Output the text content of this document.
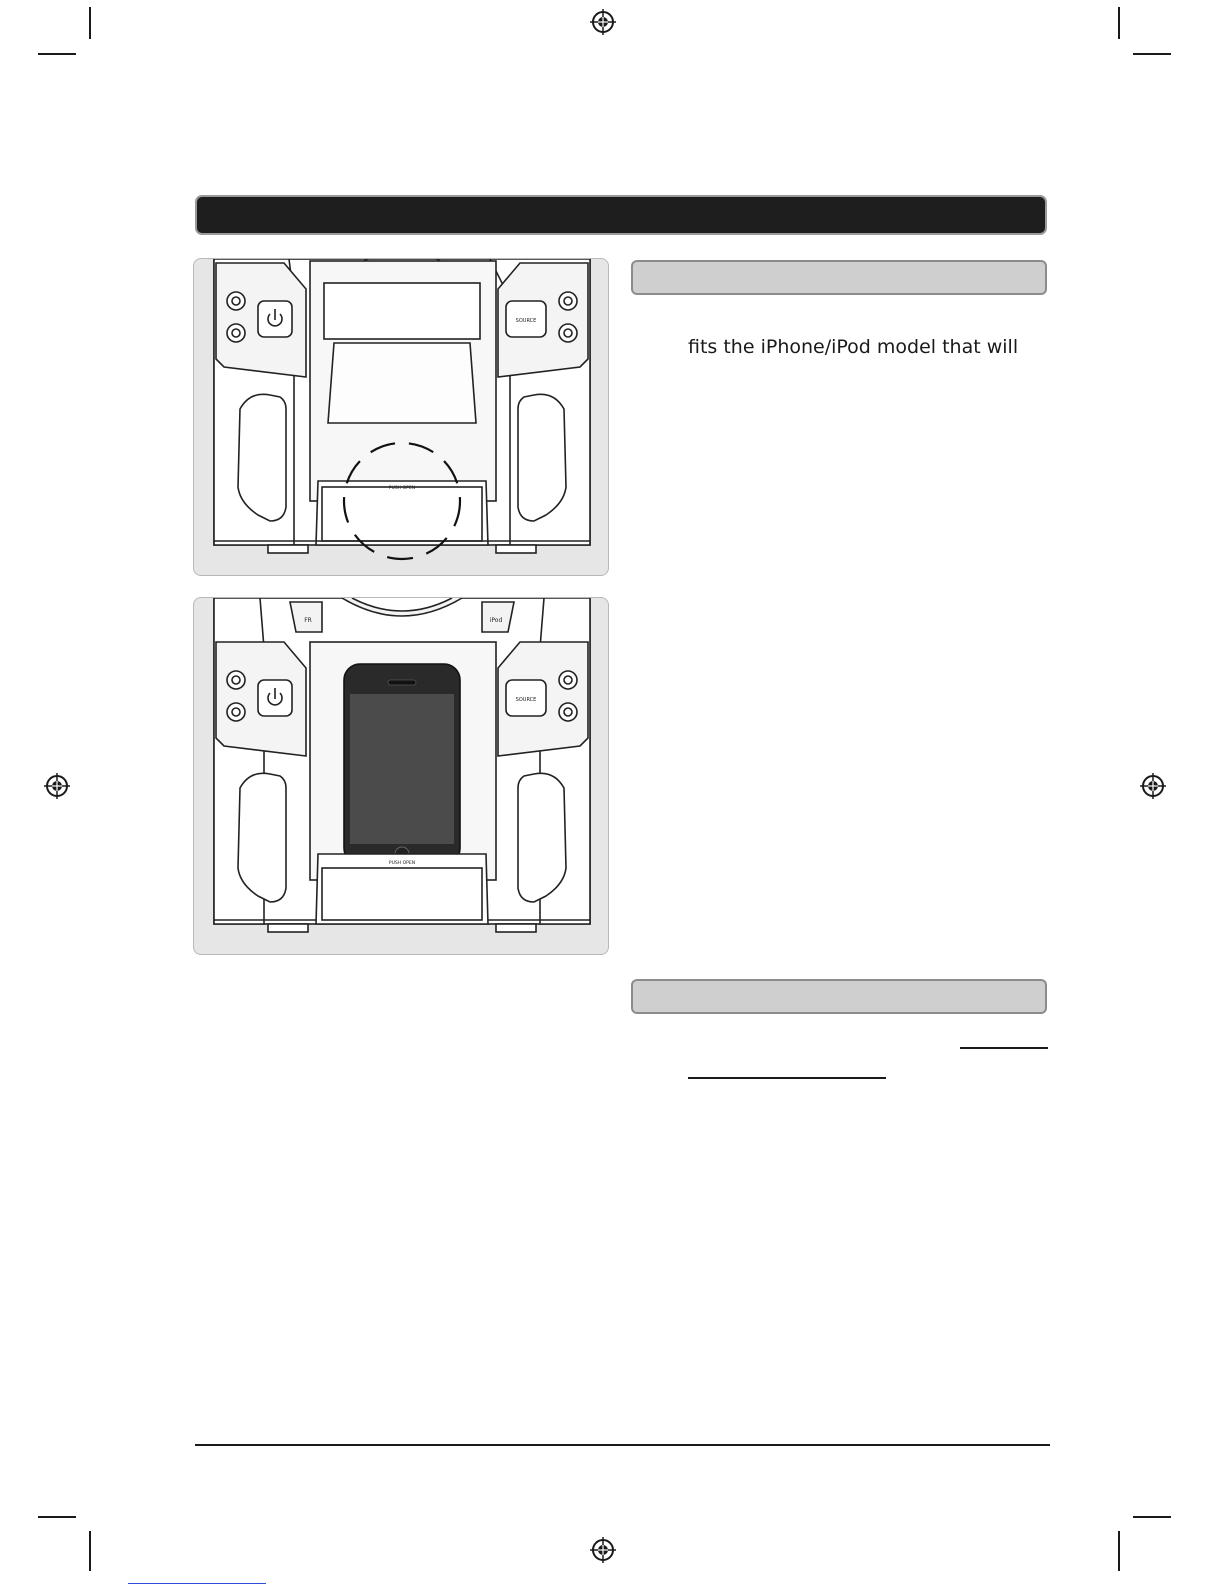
SOURCE
PUSH OPEN
SOURCE
FR	iPod
PUSH OPEN
fits the iPhone/iPod model that will
